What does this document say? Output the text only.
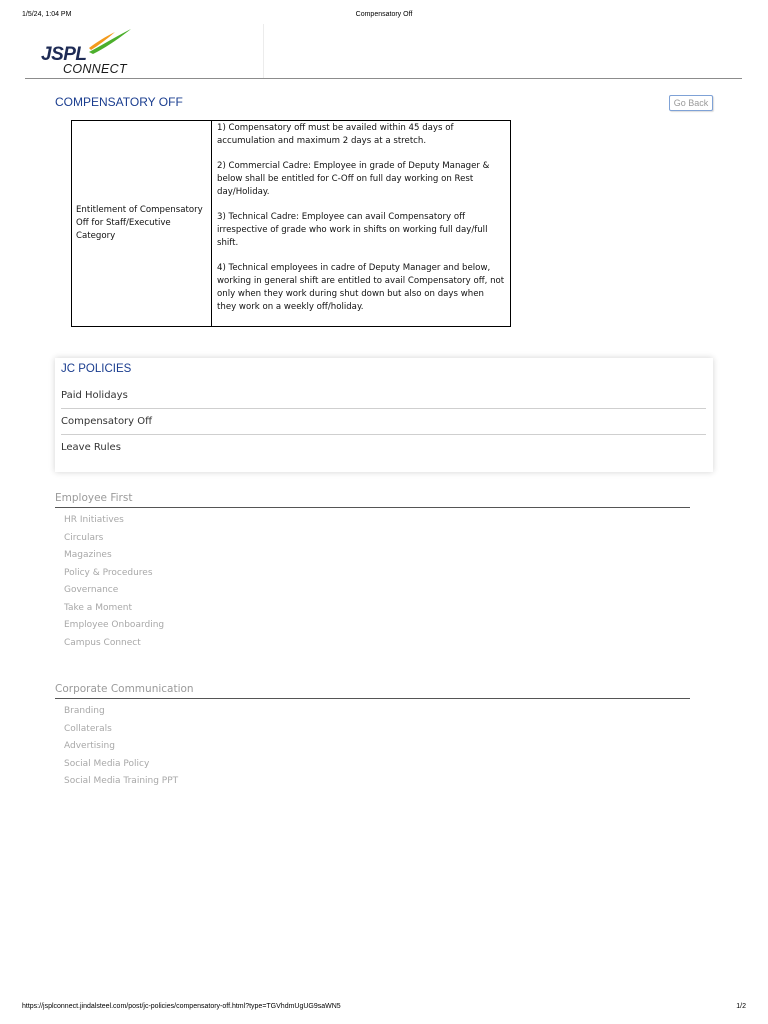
1/5/24, 1:04 PM	Compensatory Off
JSPL
CONNECT
COMPENSATORY OFF	Go Back
Entitlement of Compensatory Off for Staff/Executive Category	

1) Compensatory off must be availed within 45 days of accumulation and maximum 2 days at a stretch.

2) Commercial Cadre: Employee in grade of Deputy Manager & below shall be entitled for C-Off on full day working on Rest day/Holiday.

3) Technical Cadre: Employee can avail Compensatory off irrespective of grade who work in shifts on working full day/full shift.

4) Technical employees in cadre of Deputy Manager and below, working in general shift are entitled to avail Compensatory off, not only when they work during shut down but also on days when they work on a weekly off/holiday.

JC POLICIES
Paid Holidays
Compensatory Off
Leave Rules
Employee First
HR Initiatives
Circulars
Magazines
Policy & Procedures
Governance
Take a Moment
Employee Onboarding
Campus Connect
Corporate Communication
Branding
Collaterals
Advertising
Social Media Policy
Social Media Training PPT
https://jsplconnect.jindalsteel.com/post/jc-policies/compensatory-off.html?type=TGVhdmUgUG9saWN5	1/2
